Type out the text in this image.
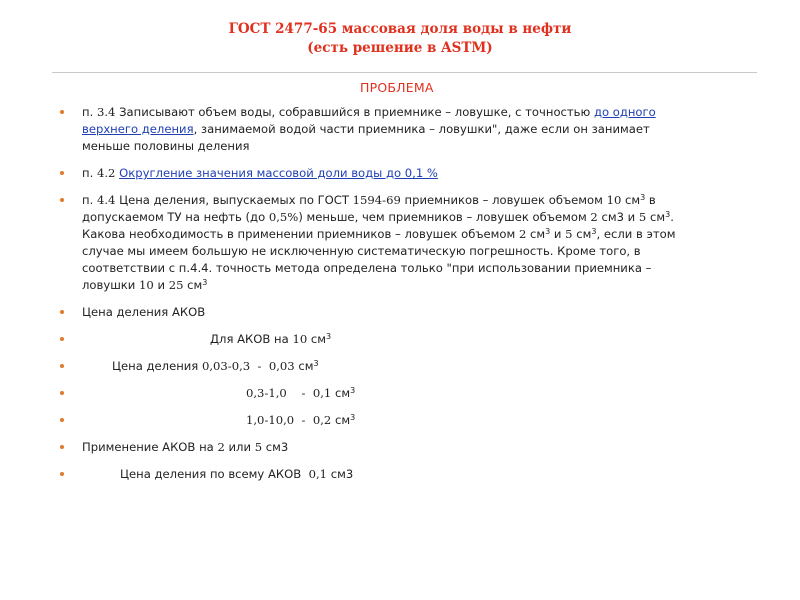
ГОСТ 2477-65 массовая доля воды в нефти
(есть решение в ASTM)
ПРОБЛЕМА
п. 3.4 Записывают объем воды, собравшийся в приемнике – ловушке, с точностью до одного
верхнего деления, занимаемой водой части приемника – ловушки", даже если он занимает
меньше половины деления
п. 4.2 Округление значения массовой доли воды до 0,1 %
п. 4.4 Цена деления, выпускаемых по ГОСТ 1594-69 приемников – ловушек объемом 10 $см^3$ в
допускаемом ТУ на нефть (до 0,5%) меньше, чем приемников – ловушек объемом 2 см3 и 5 $см^3$.
Какова необходимость в применении приемников – ловушек объемом 2 $см^3$ и 5 $см^3$, если в этом
случае мы имеем большую не исключенную систематическую погрешность. Кроме того, в
соответствии с п.4.4. точность метода определена только "при использовании приемника –
ловушки 10 и 25 $см^3$
Цена деления АКОВ
Для АКОВ на 10 $см^3$
Цена деления 0,03-0,3  -  0,03 $см^3$
0,3-1,0    -  0,1 $см^3$
1,0-10,0  -  0,2 $см^3$
Применение АКОВ на 2 или 5 см3
Цена деления по всему АКОВ  0,1 см3
